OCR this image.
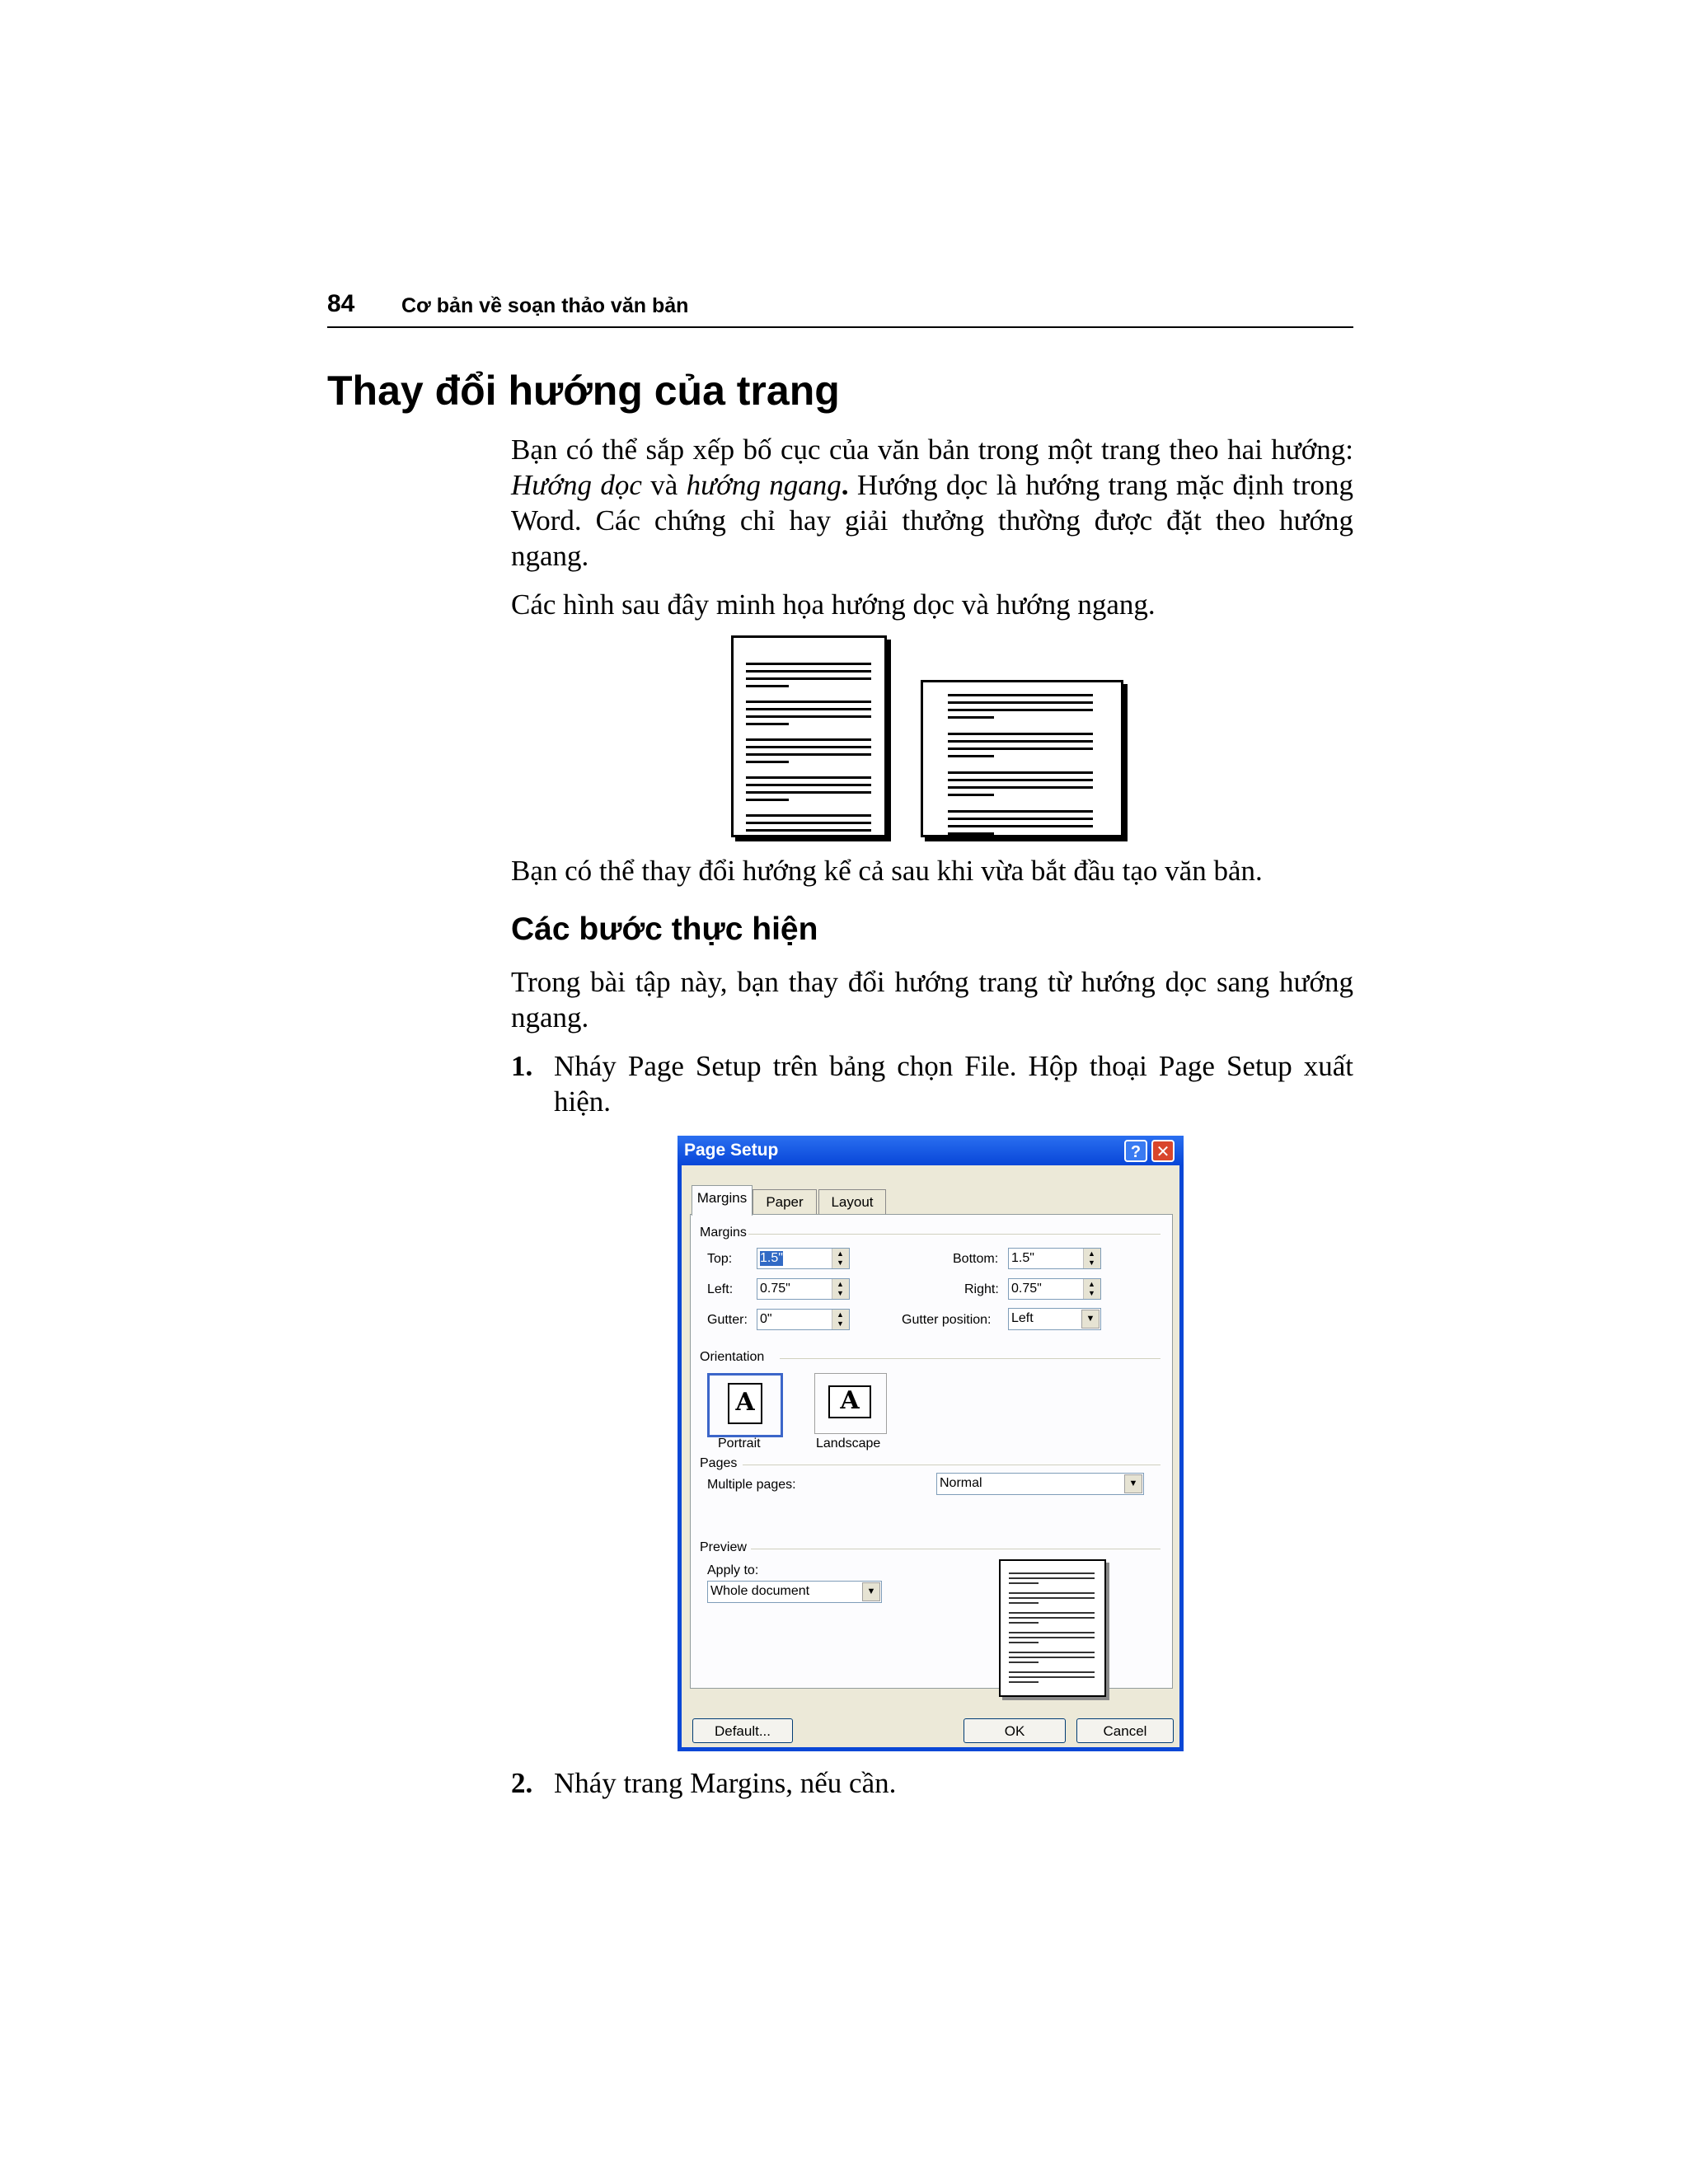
84 Cơ bản về soạn thảo văn bản
Thay đổi hướng của trang

Bạn có thể sắp xếp bố cục của văn bản trong một trang theo hai hướng: Hướng dọc và hướng ngang. Hướng dọc là hướng trang mặc định trong Word. Các chứng chỉ hay giải thưởng thường được đặt theo hướng ngang.

Các hình sau đây minh họa hướng dọc và hướng ngang.

Bạn có thể thay đổi hướng kể cả sau khi vừa bắt đầu tạo văn bản.

Các bước thực hiện

Trong bài tập này, bạn thay đổi hướng trang từ hướng dọc sang hướng ngang.

1. Nháy Page Setup trên bảng chọn File. Hộp thoại Page Setup xuất hiện.
Page Setup	? ✕
Margins	Paper	Layout
Margins
Top: 1.5"	▲
▼	Bottom: 1.5"	▲
▼
Left: 0.75"	▲
▼	Right: 0.75"	▲
▼
Gutter: 0"	▲
▼	Gutter position: Left	▼
Orientation
A
Portrait
A
Landscape
Pages
Multiple pages:	Normal	▼
Preview
Apply to:
Whole document	▼
Default...	OK	Cancel
2. Nháy trang Margins, nếu cần.
